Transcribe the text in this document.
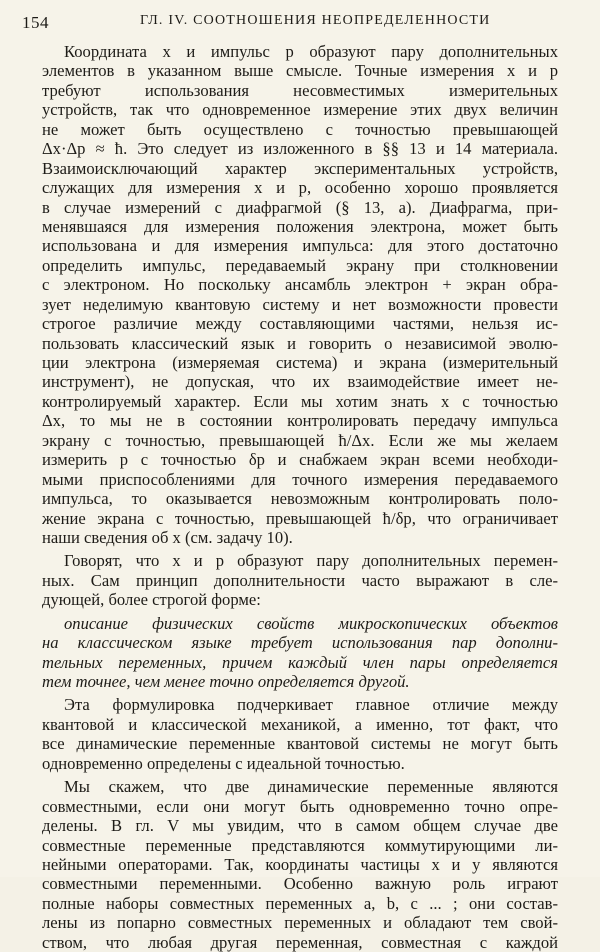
154	ГЛ. IV. СООТНОШЕНИЯ НЕОПРЕДЕЛЕННОСТИ
Координата x и импульс p образуют пару дополнительных
элементов в указанном выше смысле. Точные измерения x и p
требуют использования несовместимых измерительных
устройств, так что одновременное измерение этих двух величин
не может быть осуществлено с точностью превышающей
Δx·Δp ≈ ħ. Это следует из изложенного в §§ 13 и 14 материала.
Взаимоисключающий характер экспериментальных устройств,
служащих для измерения x и p, особенно хорошо проявляется
в случае измерений с диафрагмой (§ 13, а). Диафрагма, при-
менявшаяся для измерения положения электрона, может быть
использована и для измерения импульса: для этого достаточно
определить импульс, передаваемый экрану при столкновении
с электроном. Но поскольку ансамбль электрон + экран обра-
зует неделимую квантовую систему и нет возможности провести
строгое различие между составляющими частями, нельзя ис-
пользовать классический язык и говорить о независимой эволю-
ции электрона (измеряемая система) и экрана (измерительный
инструмент), не допуская, что их взаимодействие имеет не-
контролируемый характер. Если мы хотим знать x с точностью
Δx, то мы не в состоянии контролировать передачу импульса
экрану с точностью, превышающей ħ/Δx. Если же мы желаем
измерить p с точностью δp и снабжаем экран всеми необходи-
мыми приспособлениями для точного измерения передаваемого
импульса, то оказывается невозможным контролировать поло-
жение экрана с точностью, превышающей ħ/δp, что ограничивает
наши сведения об x (см. задачу 10).
Говорят, что x и p образуют пару дополнительных перемен-
ных. Сам принцип дополнительности часто выражают в сле-
дующей, более строгой форме:
описание физических свойств микроскопических объектов
на классическом языке требует использования пар дополни-
тельных переменных, причем каждый член пары определяется
тем точнее, чем менее точно определяется другой.
Эта формулировка подчеркивает главное отличие между
квантовой и классической механикой, а именно, тот факт, что
все динамические переменные квантовой системы не могут быть
одновременно определены с идеальной точностью.
Мы скажем, что две динамические переменные являются
совместными, если они могут быть одновременно точно опре-
делены. В гл. V мы увидим, что в самом общем случае две
совместные переменные представляются коммутирующими ли-
нейными операторами. Так, координаты частицы x и y являются
совместными переменными. Особенно важную роль играют
полные наборы совместных переменных a, b, c ... ; они состав-
лены из попарно совместных переменных и обладают тем свой-
ством, что любая другая переменная, совместная с каждой
